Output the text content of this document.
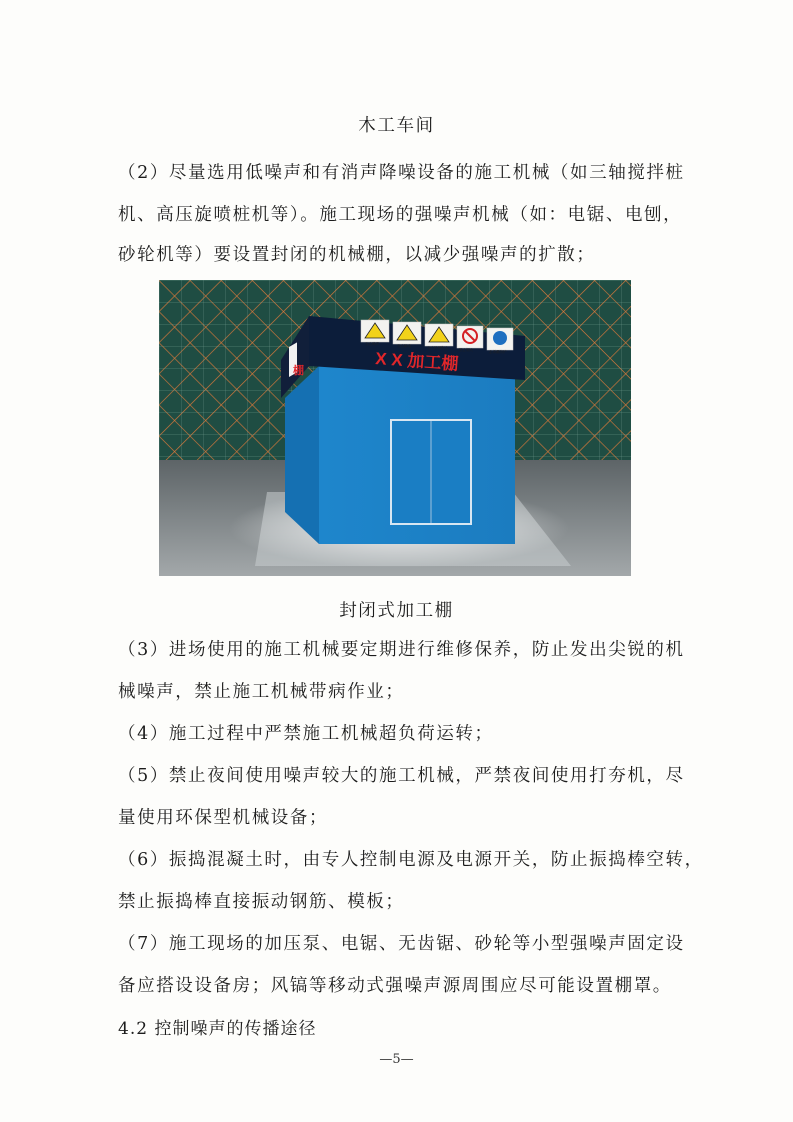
木工车间
（2）尽量选用低噪声和有消声降噪设备的施工机械（如三轴搅拌桩
机、高压旋喷桩机等）。施工现场的强噪声机械（如：电锯、电刨，
砂轮机等）要设置封闭的机械棚，以减少强噪声的扩散；
棚
当心噪声	当心触电	当心机械伤人	禁止烟火	必须戴防护
X X 加工棚
封闭式加工棚
（3）进场使用的施工机械要定期进行维修保养，防止发出尖锐的机
械噪声，禁止施工机械带病作业；
（4）施工过程中严禁施工机械超负荷运转；
（5）禁止夜间使用噪声较大的施工机械，严禁夜间使用打夯机，尽
量使用环保型机械设备；
（6）振捣混凝土时，由专人控制电源及电源开关，防止振捣棒空转，
禁止振捣棒直接振动钢筋、模板；
（7）施工现场的加压泵、电锯、无齿锯、砂轮等小型强噪声固定设
备应搭设设备房；风镐等移动式强噪声源周围应尽可能设置棚罩。
4.2 控制噪声的传播途径
—5—
